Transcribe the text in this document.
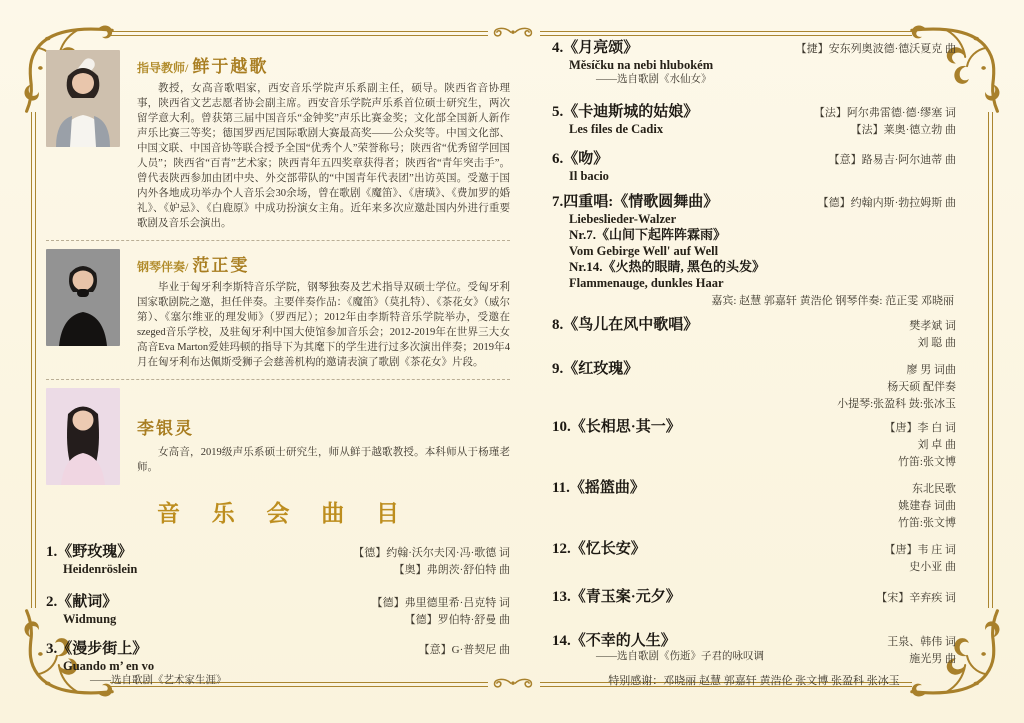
指导教师/ 鲜于越歌
教授，女高音歌唱家，西安音乐学院声乐系副主任，硕导。陕西省音协理事，陕西省文艺志愿者协会副主席。西安音乐学院声乐系首位硕士研究生，两次留学意大利。曾获第三届中国音乐“金钟奖”声乐比赛金奖；文化部全国新人新作声乐比赛三等奖；德国罗西尼国际歌剧大赛最高奖——公众奖等。中国文化部、中国文联、中国音协等联合授予全国“优秀个人”荣誉称号；陕西省“优秀留学回国人员”；陕西省“百青”艺术家；陕西青年五四奖章获得者；陕西省“青年突击手”。曾代表陕西参加由团中央、外交部带队的“中国青年代表团”出访英国。受邀于国内外各地成功举办个人音乐会30余场，曾在歌剧《魔笛》、《唐璜》、《费加罗的婚礼》、《妒忌》、《白鹿原》中成功扮演女主角。近年来多次应邀赴国内外进行重要歌剧及音乐会演出。
钢琴伴奏/ 范正雯
毕业于匈牙利李斯特音乐学院，钢琴独奏及艺术指导双硕士学位。受匈牙利国家歌剧院之邀，担任伴奏。主要伴奏作品：《魔笛》（莫扎特）、《茶花女》（威尔第）、《塞尔维亚的理发师》（罗西尼）；2012年由李斯特音乐学院举办，受邀在szeged音乐学校，及驻匈牙利中国大使馆参加音乐会；2012-2019年在世界三大女高音Eva Marton爱娃玛顿的指导下为其麾下的学生进行过多次演出伴奏；2019年4月在匈牙利布达佩斯受狮子会慈善机构的邀请表演了歌剧《茶花女》片段。
李银灵
女高音，2019级声乐系硕士研究生，师从鲜于越歌教授。本科师从于杨瑾老师。
音 乐 会 曲 目
1.《野玫瑰》
Heidenröslein
【德】约翰·沃尔夫冈·冯·歌德 词
【奥】弗朗茨·舒伯特 曲
2.《献词》
Widmung
【德】弗里德里希·吕克特 词
【德】罗伯特·舒曼 曲
3.《漫步街上》
Guando m’ en vo
——选自歌剧《艺术家生涯》
【意】G·普契尼 曲
4.《月亮颂》
Měsíčku na nebi hlubokém
——选自歌剧《水仙女》
【捷】安东列奥波德·德沃夏克 曲
5.《卡迪斯城的姑娘》
Les files de Cadix
【法】阿尔弗雷德·德·缪塞 词
【法】莱奥·德立勃 曲
6.《吻》
Il bacio
【意】路易吉·阿尔迪蒂 曲
7.四重唱:《情歌圆舞曲》
Liebeslieder-Walzer
Nr.7.《山间下起阵阵霖雨》
Vom Gebirge Well' auf Well
Nr.14.《火热的眼睛, 黑色的头发》
Flammenauge, dunkles Haar
【德】约翰内斯·勃拉姆斯 曲
嘉宾: 赵慧 郭嘉轩 黄浩伦 钢琴伴奏: 范正雯 邓晓丽
8.《鸟儿在风中歌唱》	樊孝斌 词
刘 聪 曲
9.《红玫瑰》	廖 男 词曲
杨天硕 配伴奏
小提琴:张盈科 鼓:张冰玉
10.《长相思·其一》	【唐】李 白 词
刘 卓 曲
竹笛:张文博
11.《摇篮曲》	东北民歌
姚建春 词曲
竹笛:张文博
12.《忆长安》	【唐】韦 庄 词
史小亚 曲
13.《青玉案·元夕》	【宋】辛弃疾 词
14.《不幸的人生》
——选自歌剧《伤逝》子君的咏叹调
王泉、韩伟 词
施光男 曲
特别感谢：邓晓丽 赵慧 郭嘉轩 黄浩伦 张文博 张盈科 张冰玉
